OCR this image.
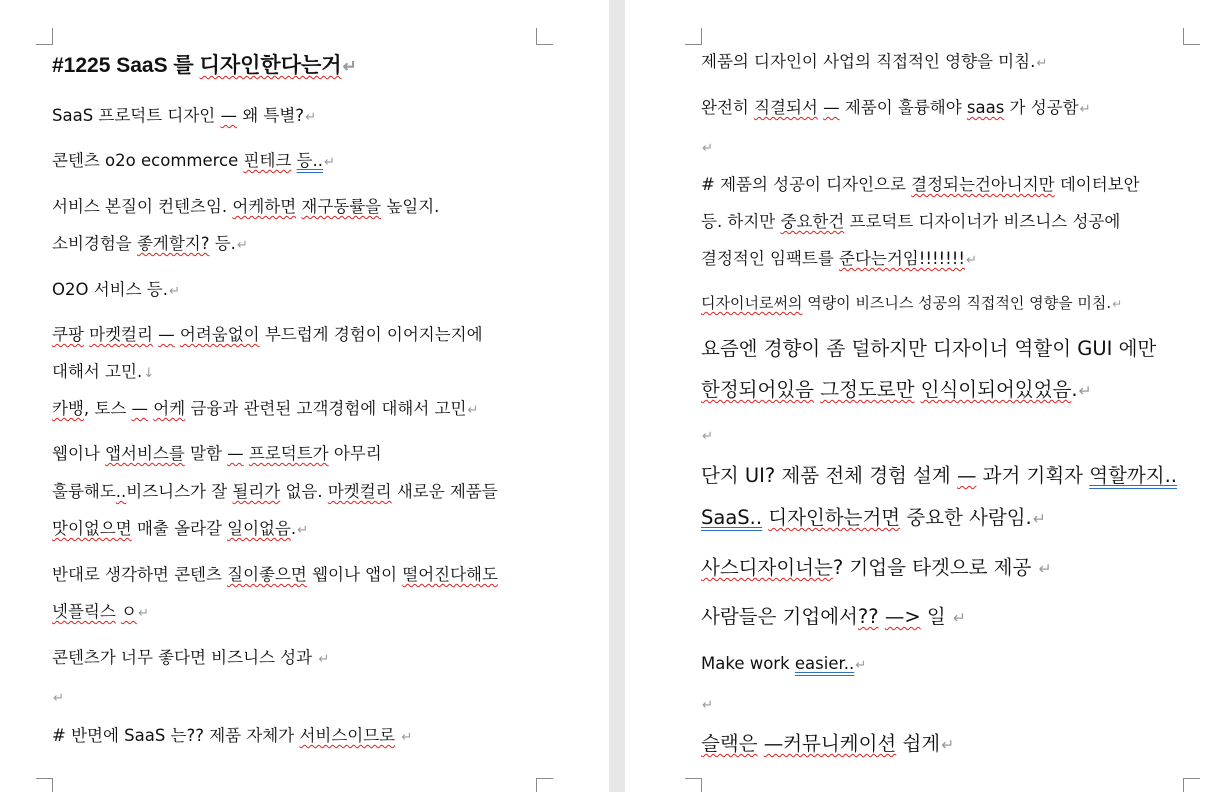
#1225 SaaS 를 디자인한다는거↵
SaaS 프로덕트 디자인 — 왜 특별?↵
콘텐츠 o2o ecommerce 핀테크 등..↵
서비스 본질이 컨텐츠임. 어케하면 재구동률을 높일지.
소비경험을 좋게할지? 등.↵
O2O 서비스 등.↵
쿠팡 마켓컬리 — 어려움없이 부드럽게 경험이 이어지는지에
대해서 고민.↓
카뱅, 토스 — 어케 금융과 관련된 고객경험에 대해서 고민↵
웹이나 앱서비스를 말함 — 프로덕트가 아무리
훌륭해도..비즈니스가 잘 될리가 없음. 마켓컬리 새로운 제품들
맛이없으면 매출 올라갈 일이없음.↵
반대로 생각하면 콘텐츠 질이좋으면 웹이나 앱이 떨어진다해도
넷플릭스 ㅇ↵
콘텐츠가 너무 좋다면 비즈니스 성과 ↵
↵
# 반면에 SaaS 는?? 제품 자체가 서비스이므로 ↵
제품의 디자인이 사업의 직접적인 영향을 미침.↵
완전히 직결되서 — 제품이 훌륭해야 saas 가 성공함↵
↵
# 제품의 성공이 디자인으로 결정되는건아니지만 데이터보안
등. 하지만 중요한건 프로덕트 디자이너가 비즈니스 성공에
결정적인 임팩트를 준다는거임!!!!!!!↵
디자이너로써의 역량이 비즈니스 성공의 직접적인 영향을 미침.↵
요즘엔 경향이 좀 덜하지만 디자이너 역할이 GUI 에만
한정되어있음 그정도로만 인식이되어있었음.↵
↵
단지 UI? 제품 전체 경험 설계 — 과거 기획자 역할까지..
SaaS.. 디자인하는거면 중요한 사람임.↵
사스디자이너는? 기업을 타겟으로 제공 ↵
사람들은 기업에서?? —> 일 ↵
Make work easier..↵
↵
슬랙은 —커뮤니케이션 쉽게↵
